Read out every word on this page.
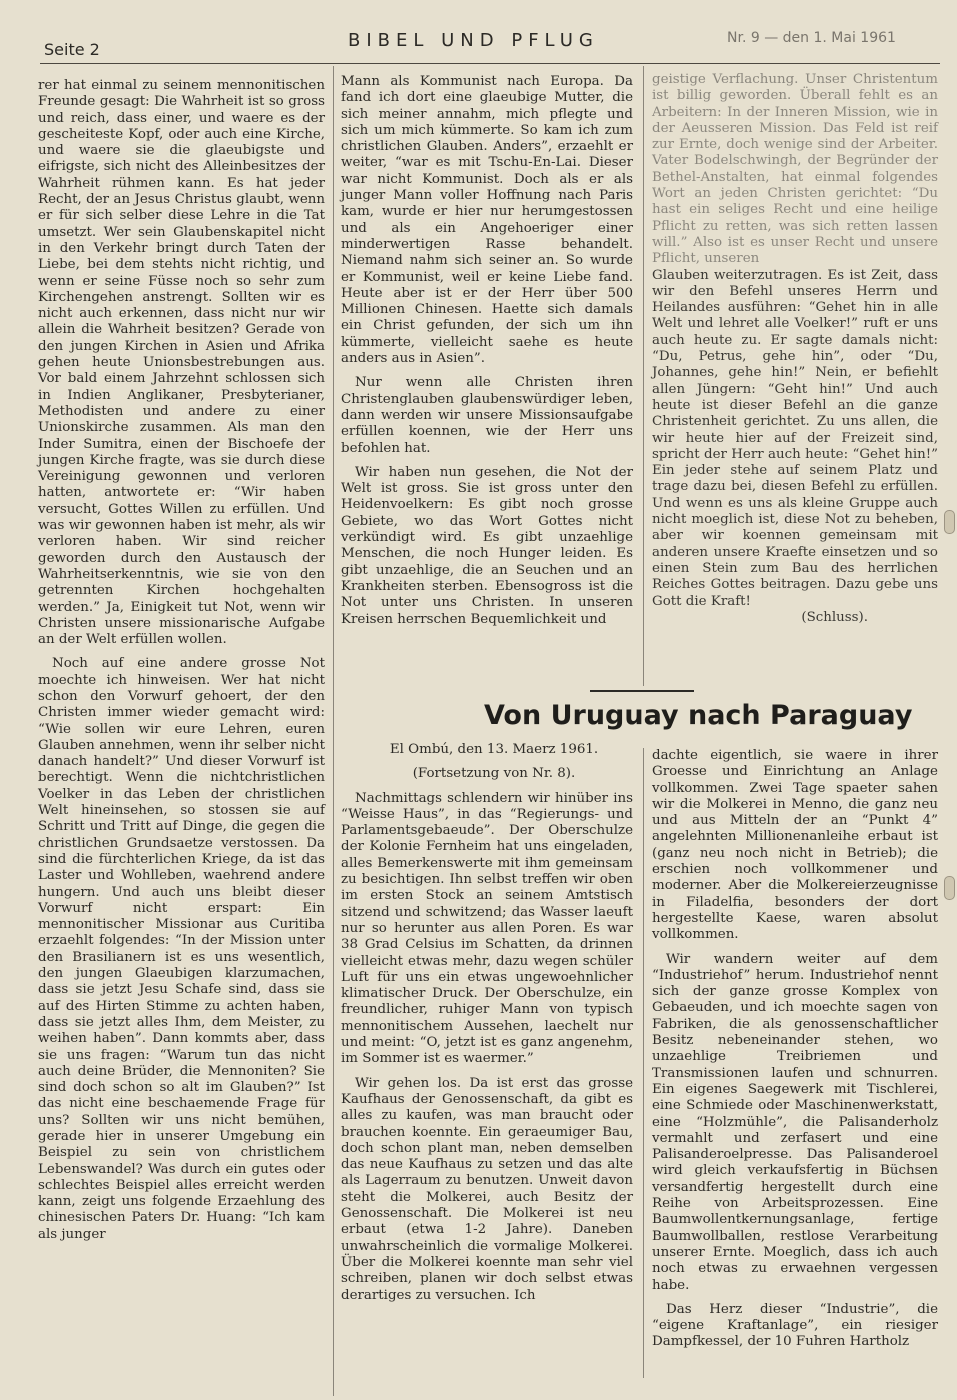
Seite 2	BIBEL UND PFLUG	Nr. 9 — den 1. Mai 1961

rer hat einmal zu seinem mennonitischen Freunde gesagt: Die Wahrheit ist so gross und reich, dass einer, und waere es der gescheiteste Kopf, oder auch eine Kirche, und waere sie die glaeubigste und eifrigste, sich nicht des Alleinbesitzes der Wahrheit rühmen kann. Es hat jeder Recht, der an Jesus Christus glaubt, wenn er für sich selber diese Lehre in die Tat umsetzt. Wer sein Glaubenskapitel nicht in den Verkehr bringt durch Taten der Liebe, bei dem stehts nicht richtig, und wenn er seine Füsse noch so sehr zum Kirchengehen anstrengt. Sollten wir es nicht auch erkennen, dass nicht nur wir allein die Wahrheit besitzen? Gerade von den jungen Kirchen in Asien und Afrika gehen heute Unionsbestrebungen aus. Vor bald einem Jahrzehnt schlossen sich in Indien Anglikaner, Presbyterianer, Methodisten und andere zu einer Unionskirche zusammen. Als man den Inder Sumitra, einen der Bischoefe der jungen Kirche fragte, was sie durch diese Vereinigung gewonnen und verloren hatten, antwortete er: “Wir haben versucht, Gottes Willen zu erfüllen. Und was wir gewonnen haben ist mehr, als wir verloren haben. Wir sind reicher geworden durch den Austausch der Wahrheitserkenntnis, wie sie von den getrennten Kirchen hochgehalten werden.” Ja, Einigkeit tut Not, wenn wir Christen unsere missionarische Aufgabe an der Welt erfüllen wollen.

Noch auf eine andere grosse Not moechte ich hinweisen. Wer hat nicht schon den Vorwurf gehoert, der den Christen immer wieder gemacht wird: “Wie sollen wir eure Lehren, euren Glauben annehmen, wenn ihr selber nicht danach handelt?” Und dieser Vorwurf ist berechtigt. Wenn die nichtchristlichen Voelker in das Leben der christlichen Welt hineinsehen, so stossen sie auf Schritt und Tritt auf Dinge, die gegen die christlichen Grundsaetze verstossen. Da sind die fürchterlichen Kriege, da ist das Laster und Wohlleben, waehrend andere hungern. Und auch uns bleibt dieser Vorwurf nicht erspart: Ein mennonitischer Missionar aus Curitiba erzaehlt folgendes: “In der Mission unter den Brasilianern ist es uns wesentlich, den jungen Glaeubigen klarzumachen, dass sie jetzt Jesu Schafe sind, dass sie auf des Hirten Stimme zu achten haben, dass sie jetzt alles Ihm, dem Meister, zu weihen haben”. Dann kommts aber, dass sie uns fragen: “Warum tun das nicht auch deine Brüder, die Mennoniten? Sie sind doch schon so alt im Glauben?” Ist das nicht eine beschaemende Frage für uns? Sollten wir uns nicht bemühen, gerade hier in unserer Umgebung ein Beispiel zu sein von christlichem Lebenswandel? Was durch ein gutes oder schlechtes Beispiel alles erreicht werden kann, zeigt uns folgende Erzaehlung des chinesischen Paters Dr. Huang: “Ich kam als junger

Mann als Kommunist nach Europa. Da fand ich dort eine glaeubige Mutter, die sich meiner annahm, mich pflegte und sich um mich kümmerte. So kam ich zum christlichen Glauben. Anders”, erzaehlt er weiter, “war es mit Tschu-En-Lai. Dieser war nicht Kommunist. Doch als er als junger Mann voller Hoffnung nach Paris kam, wurde er hier nur herumgestossen und als ein Angehoeriger einer minderwertigen Rasse behandelt. Niemand nahm sich seiner an. So wurde er Kommunist, weil er keine Liebe fand. Heute aber ist er der Herr über 500 Millionen Chinesen. Haette sich damals ein Christ gefunden, der sich um ihn kümmerte, vielleicht saehe es heute anders aus in Asien”.

Nur wenn alle Christen ihren Christenglauben glaubenswürdiger leben, dann werden wir unsere Missionsaufgabe erfüllen koennen, wie der Herr uns befohlen hat.

Wir haben nun gesehen, die Not der Welt ist gross. Sie ist gross unter den Heidenvoelkern: Es gibt noch grosse Gebiete, wo das Wort Gottes nicht verkündigt wird. Es gibt unzaehlige Menschen, die noch Hunger leiden. Es gibt unzaehlige, die an Seuchen und an Krankheiten sterben. Ebensogross ist die Not unter uns Christen. In unseren Kreisen herrschen Bequemlichkeit und

geistige Verflachung. Unser Christentum ist billig geworden. Überall fehlt es an Arbeitern: In der Inneren Mission, wie in der Aeusseren Mission. Das Feld ist reif zur Ernte, doch wenige sind der Arbeiter. Vater Bodelschwingh, der Begründer der Bethel-Anstalten, hat einmal folgendes Wort an jeden Christen gerichtet: “Du hast ein seliges Recht und eine heilige Pflicht zu retten, was sich retten lassen will.” Also ist es unser Recht und unsere Pflicht, unseren

Glauben weiterzutragen. Es ist Zeit, dass wir den Befehl unseres Herrn und Heilandes ausführen: “Gehet hin in alle Welt und lehret alle Voelker!” ruft er uns auch heute zu. Er sagte damals nicht: “Du, Petrus, gehe hin”, oder “Du, Johannes, gehe hin!” Nein, er befiehlt allen Jüngern: “Geht hin!” Und auch heute ist dieser Befehl an die ganze Christenheit gerichtet. Zu uns allen, die wir heute hier auf der Freizeit sind, spricht der Herr auch heute: “Gehet hin!” Ein jeder stehe auf seinem Platz und trage dazu bei, diesen Befehl zu erfüllen. Und wenn es uns als kleine Gruppe auch nicht moeglich ist, diese Not zu beheben, aber wir koennen gemeinsam mit anderen unsere Kraefte einsetzen und so einen Stein zum Bau des herrlichen Reiches Gottes beitragen. Dazu gebe uns Gott die Kraft!

(Schluss).

Von Uruguay nach Paraguay

El Ombú, den 13. Maerz 1961.

(Fortsetzung von Nr. 8).

Nachmittags schlendern wir hinüber ins “Weisse Haus”, in das “Regierungs- und Parlamentsgebaeude”. Der Oberschulze der Kolonie Fernheim hat uns eingeladen, alles Bemerkenswerte mit ihm gemeinsam zu besichtigen. Ihn selbst treffen wir oben im ersten Stock an seinem Amtstisch sitzend und schwitzend; das Wasser laeuft nur so herunter aus allen Poren. Es war 38 Grad Celsius im Schatten, da drinnen vielleicht etwas mehr, dazu wegen schüler Luft für uns ein etwas ungewoehnlicher klimatischer Druck. Der Oberschulze, ein freundlicher, ruhiger Mann von typisch mennonitischem Aussehen, laechelt nur und meint: “O, jetzt ist es ganz angenehm, im Sommer ist es waermer.”

Wir gehen los. Da ist erst das grosse Kaufhaus der Genossenschaft, da gibt es alles zu kaufen, was man braucht oder brauchen koennte. Ein geraeumiger Bau, doch schon plant man, neben demselben das neue Kaufhaus zu setzen und das alte als Lagerraum zu benutzen. Unweit davon steht die Molkerei, auch Besitz der Genossenschaft. Die Molkerei ist neu erbaut (etwa 1-2 Jahre). Daneben unwahrscheinlich die vormalige Molkerei. Über die Molkerei koennte man sehr viel schreiben, planen wir doch selbst etwas derartiges zu versuchen. Ich

dachte eigentlich, sie waere in ihrer Groesse und Einrichtung an Anlage vollkommen. Zwei Tage spaeter sahen wir die Molkerei in Menno, die ganz neu und aus Mitteln der an “Punkt 4” angelehnten Millionenanleihe erbaut ist (ganz neu noch nicht in Betrieb); die erschien noch vollkommener und moderner. Aber die Molkereierzeugnisse in Filadelfia, besonders der dort hergestellte Kaese, waren absolut vollkommen.

Wir wandern weiter auf dem “Industriehof” herum. Industriehof nennt sich der ganze grosse Komplex von Gebaeuden, und ich moechte sagen von Fabriken, die als genossenschaftlicher Besitz nebeneinander stehen, wo unzaehlige Treibriemen und Transmissionen laufen und schnurren. Ein eigenes Saegewerk mit Tischlerei, eine Schmiede oder Maschinenwerkstatt, eine “Holzmühle”, die Palisanderholz vermahlt und zerfasert und eine Palisanderoelpresse. Das Palisanderoel wird gleich verkaufsfertig in Büchsen versandfertig hergestellt durch eine Reihe von Arbeitsprozessen. Eine Baumwollentkernungsanlage, fertige Baumwollballen, restlose Verarbeitung unserer Ernte. Moeglich, dass ich auch noch etwas zu erwaehnen vergessen habe.

Das Herz dieser “Industrie”, die “eigene Kraftanlage”, ein riesiger Dampfkessel, der 10 Fuhren Hartholz
